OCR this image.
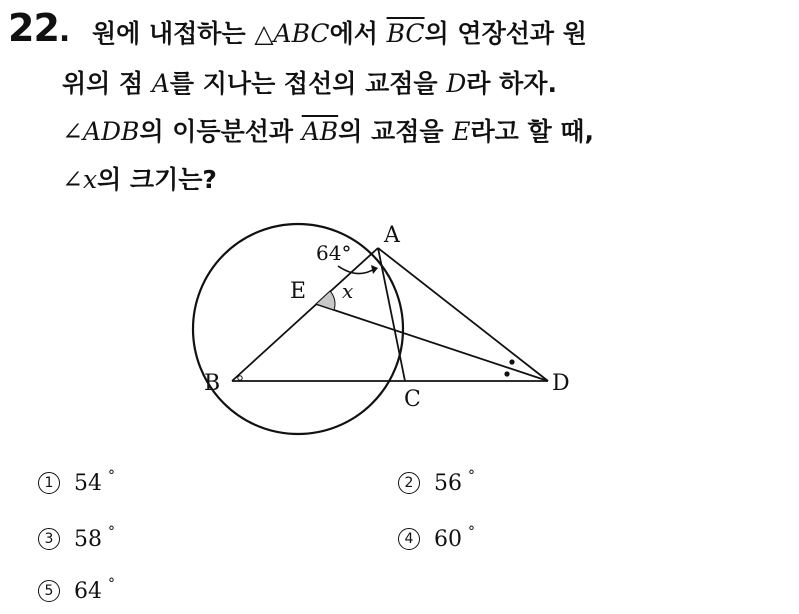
22. 원에 내접하는 △ABC에서 $\overline{BC}$의 연장선과 원
위의 점 A를 지나는 접선의 교점을 D라 하자.
∠ADB의 이등분선과 $\overline{AB}$의 교점을 E라고 할 때,
∠x의 크기는?
A
B
C
D
E
64°
x
1 54 °	2 56 °
3 58 °	4 60 °
5 64 °
